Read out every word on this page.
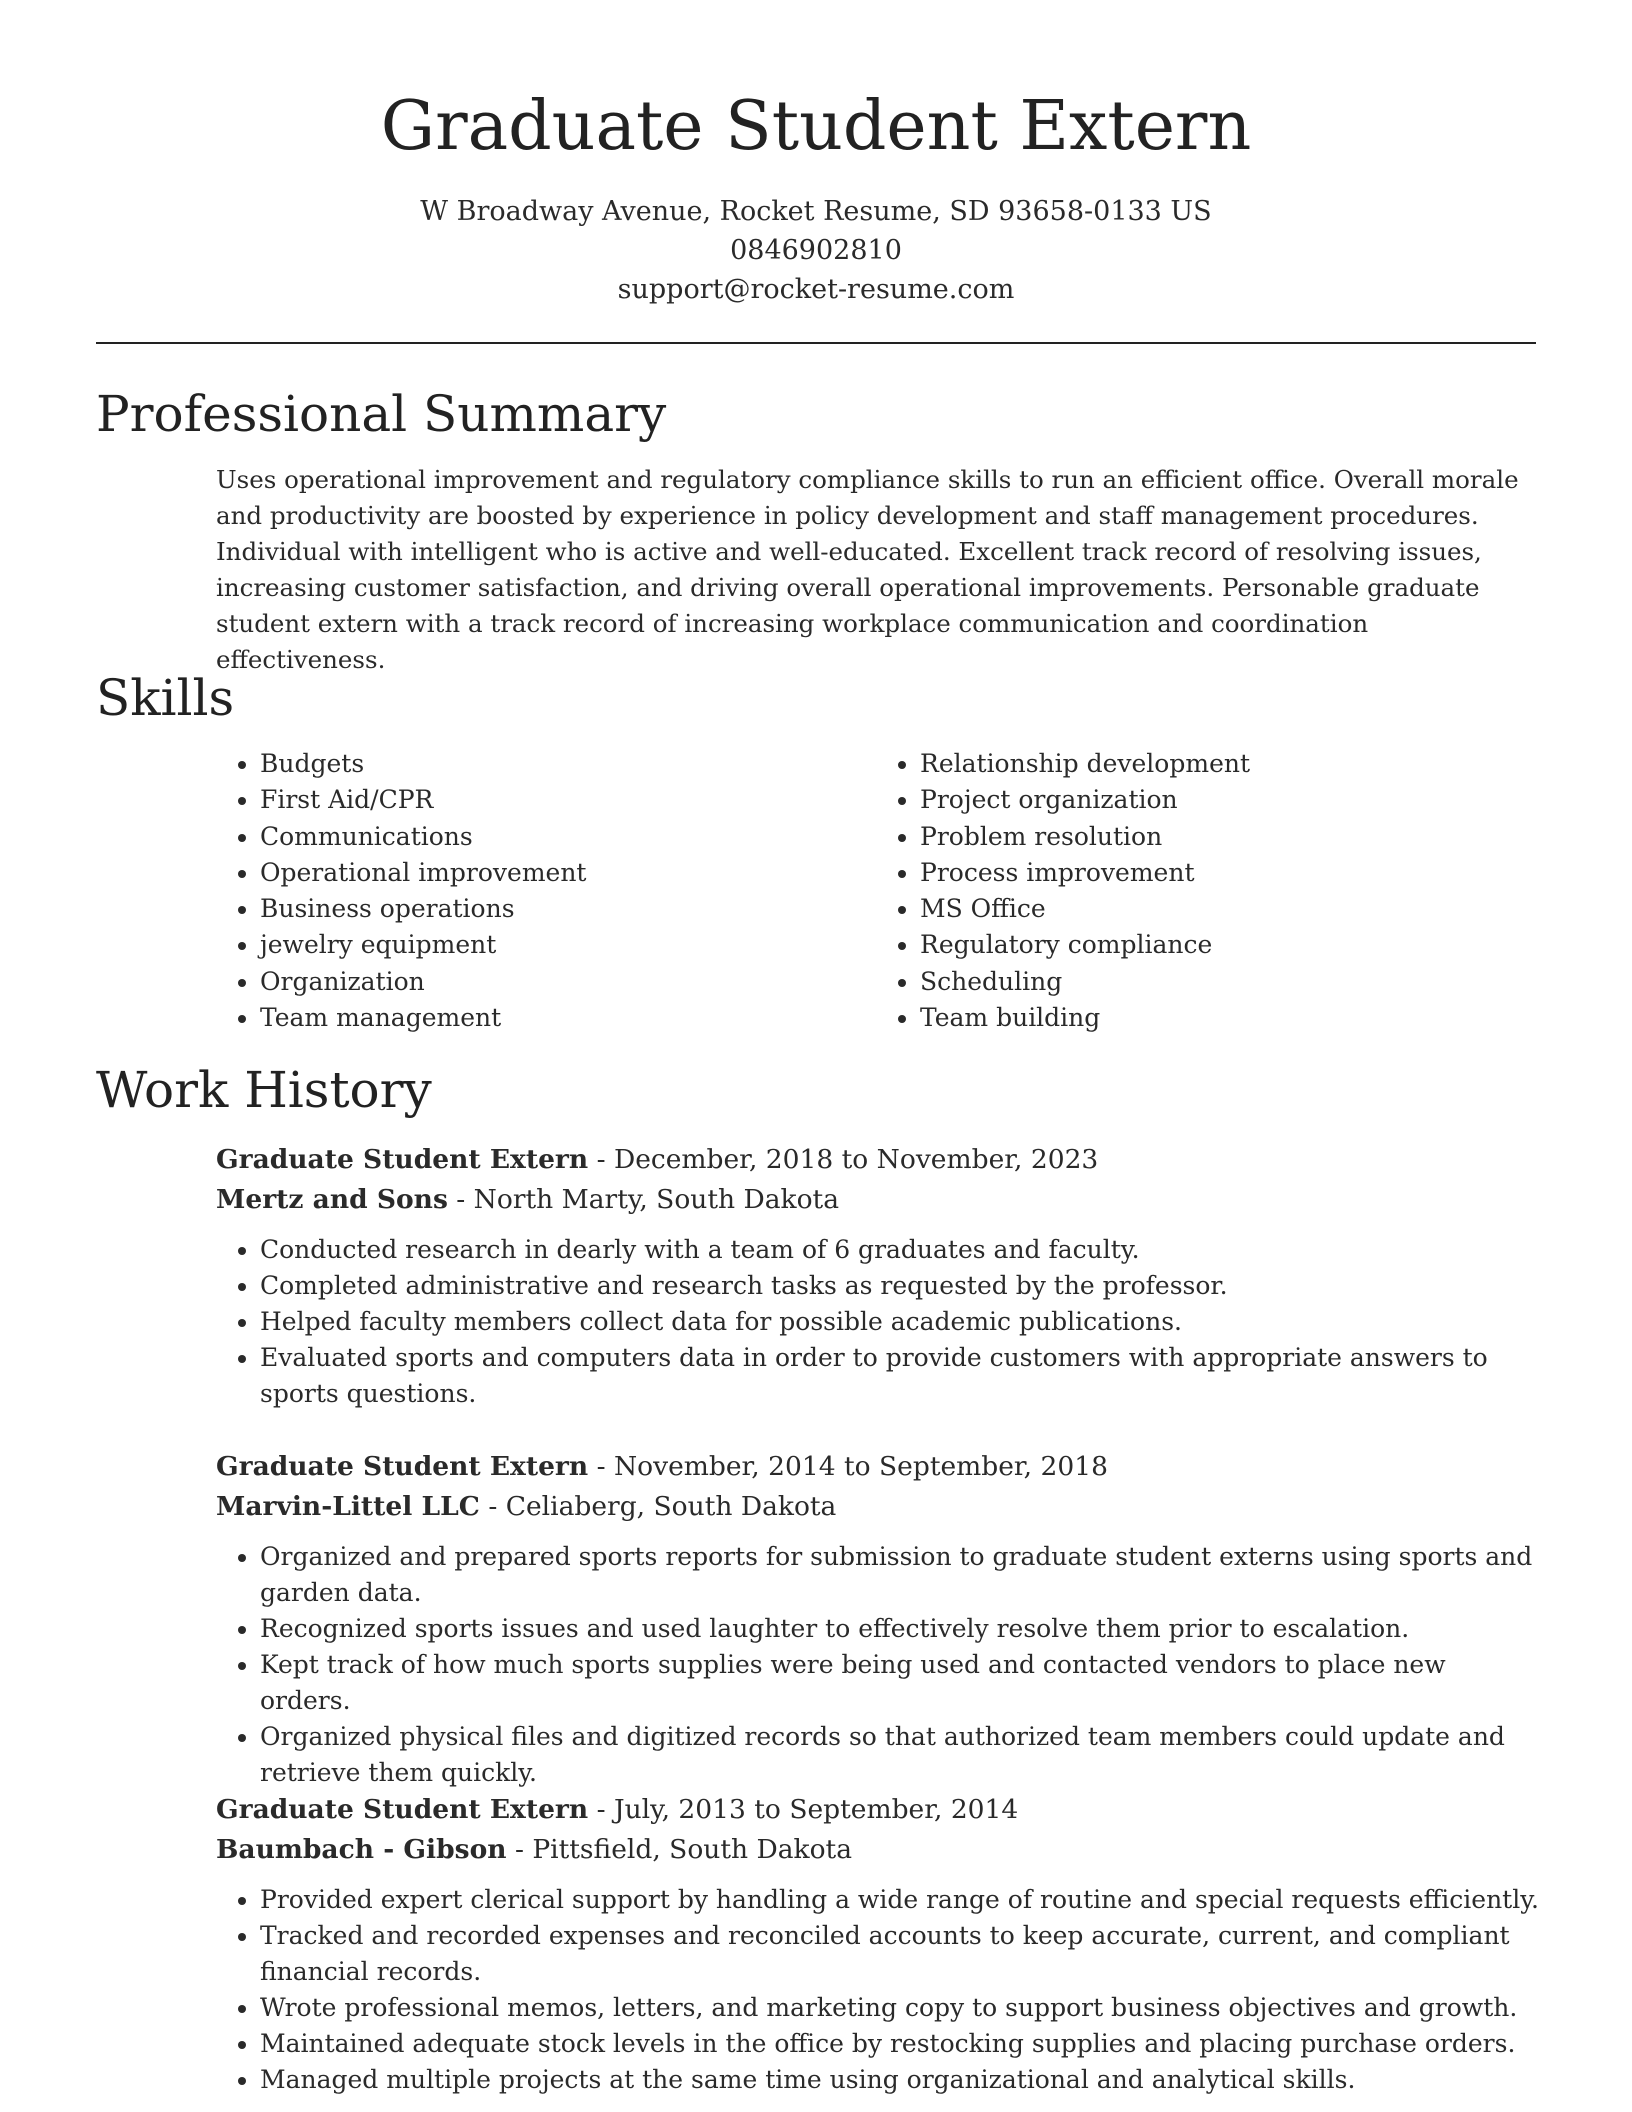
Graduate Student Extern
W Broadway Avenue, Rocket Resume, SD 93658-0133 US
0846902810
support@rocket-resume.com
Professional Summary

Uses operational improvement and regulatory compliance skills to run an efficient office. Overall morale and productivity are boosted by experience in policy development and staff management procedures. Individual with intelligent who is active and well-educated. Excellent track record of resolving issues, increasing customer satisfaction, and driving overall operational improvements. Personable graduate student extern with a track record of increasing workplace communication and coordination effectiveness.

Skills
• Budgets
• First Aid/CPR
• Communications
• Operational improvement
• Business operations
• jewelry equipment
• Organization
• Team management
• Relationship development
• Project organization
• Problem resolution
• Process improvement
• MS Office
• Regulatory compliance
• Scheduling
• Team building
Work History
Graduate Student Extern - December, 2018 to November, 2023
Mertz and Sons - North Marty, South Dakota
• Conducted research in dearly with a team of 6 graduates and faculty.
• Completed administrative and research tasks as requested by the professor.
• Helped faculty members collect data for possible academic publications.
• Evaluated sports and computers data in order to provide customers with appropriate answers to sports questions.
Graduate Student Extern - November, 2014 to September, 2018
Marvin-Littel LLC - Celiaberg, South Dakota
• Organized and prepared sports reports for submission to graduate student externs using sports and garden data.
• Recognized sports issues and used laughter to effectively resolve them prior to escalation.
• Kept track of how much sports supplies were being used and contacted vendors to place new orders.
• Organized physical files and digitized records so that authorized team members could update and retrieve them quickly.
Graduate Student Extern - July, 2013 to September, 2014
Baumbach - Gibson - Pittsfield, South Dakota
• Provided expert clerical support by handling a wide range of routine and special requests efficiently.
• Tracked and recorded expenses and reconciled accounts to keep accurate, current, and compliant financial records.
• Wrote professional memos, letters, and marketing copy to support business objectives and growth.
• Maintained adequate stock levels in the office by restocking supplies and placing purchase orders.
• Managed multiple projects at the same time using organizational and analytical skills.
